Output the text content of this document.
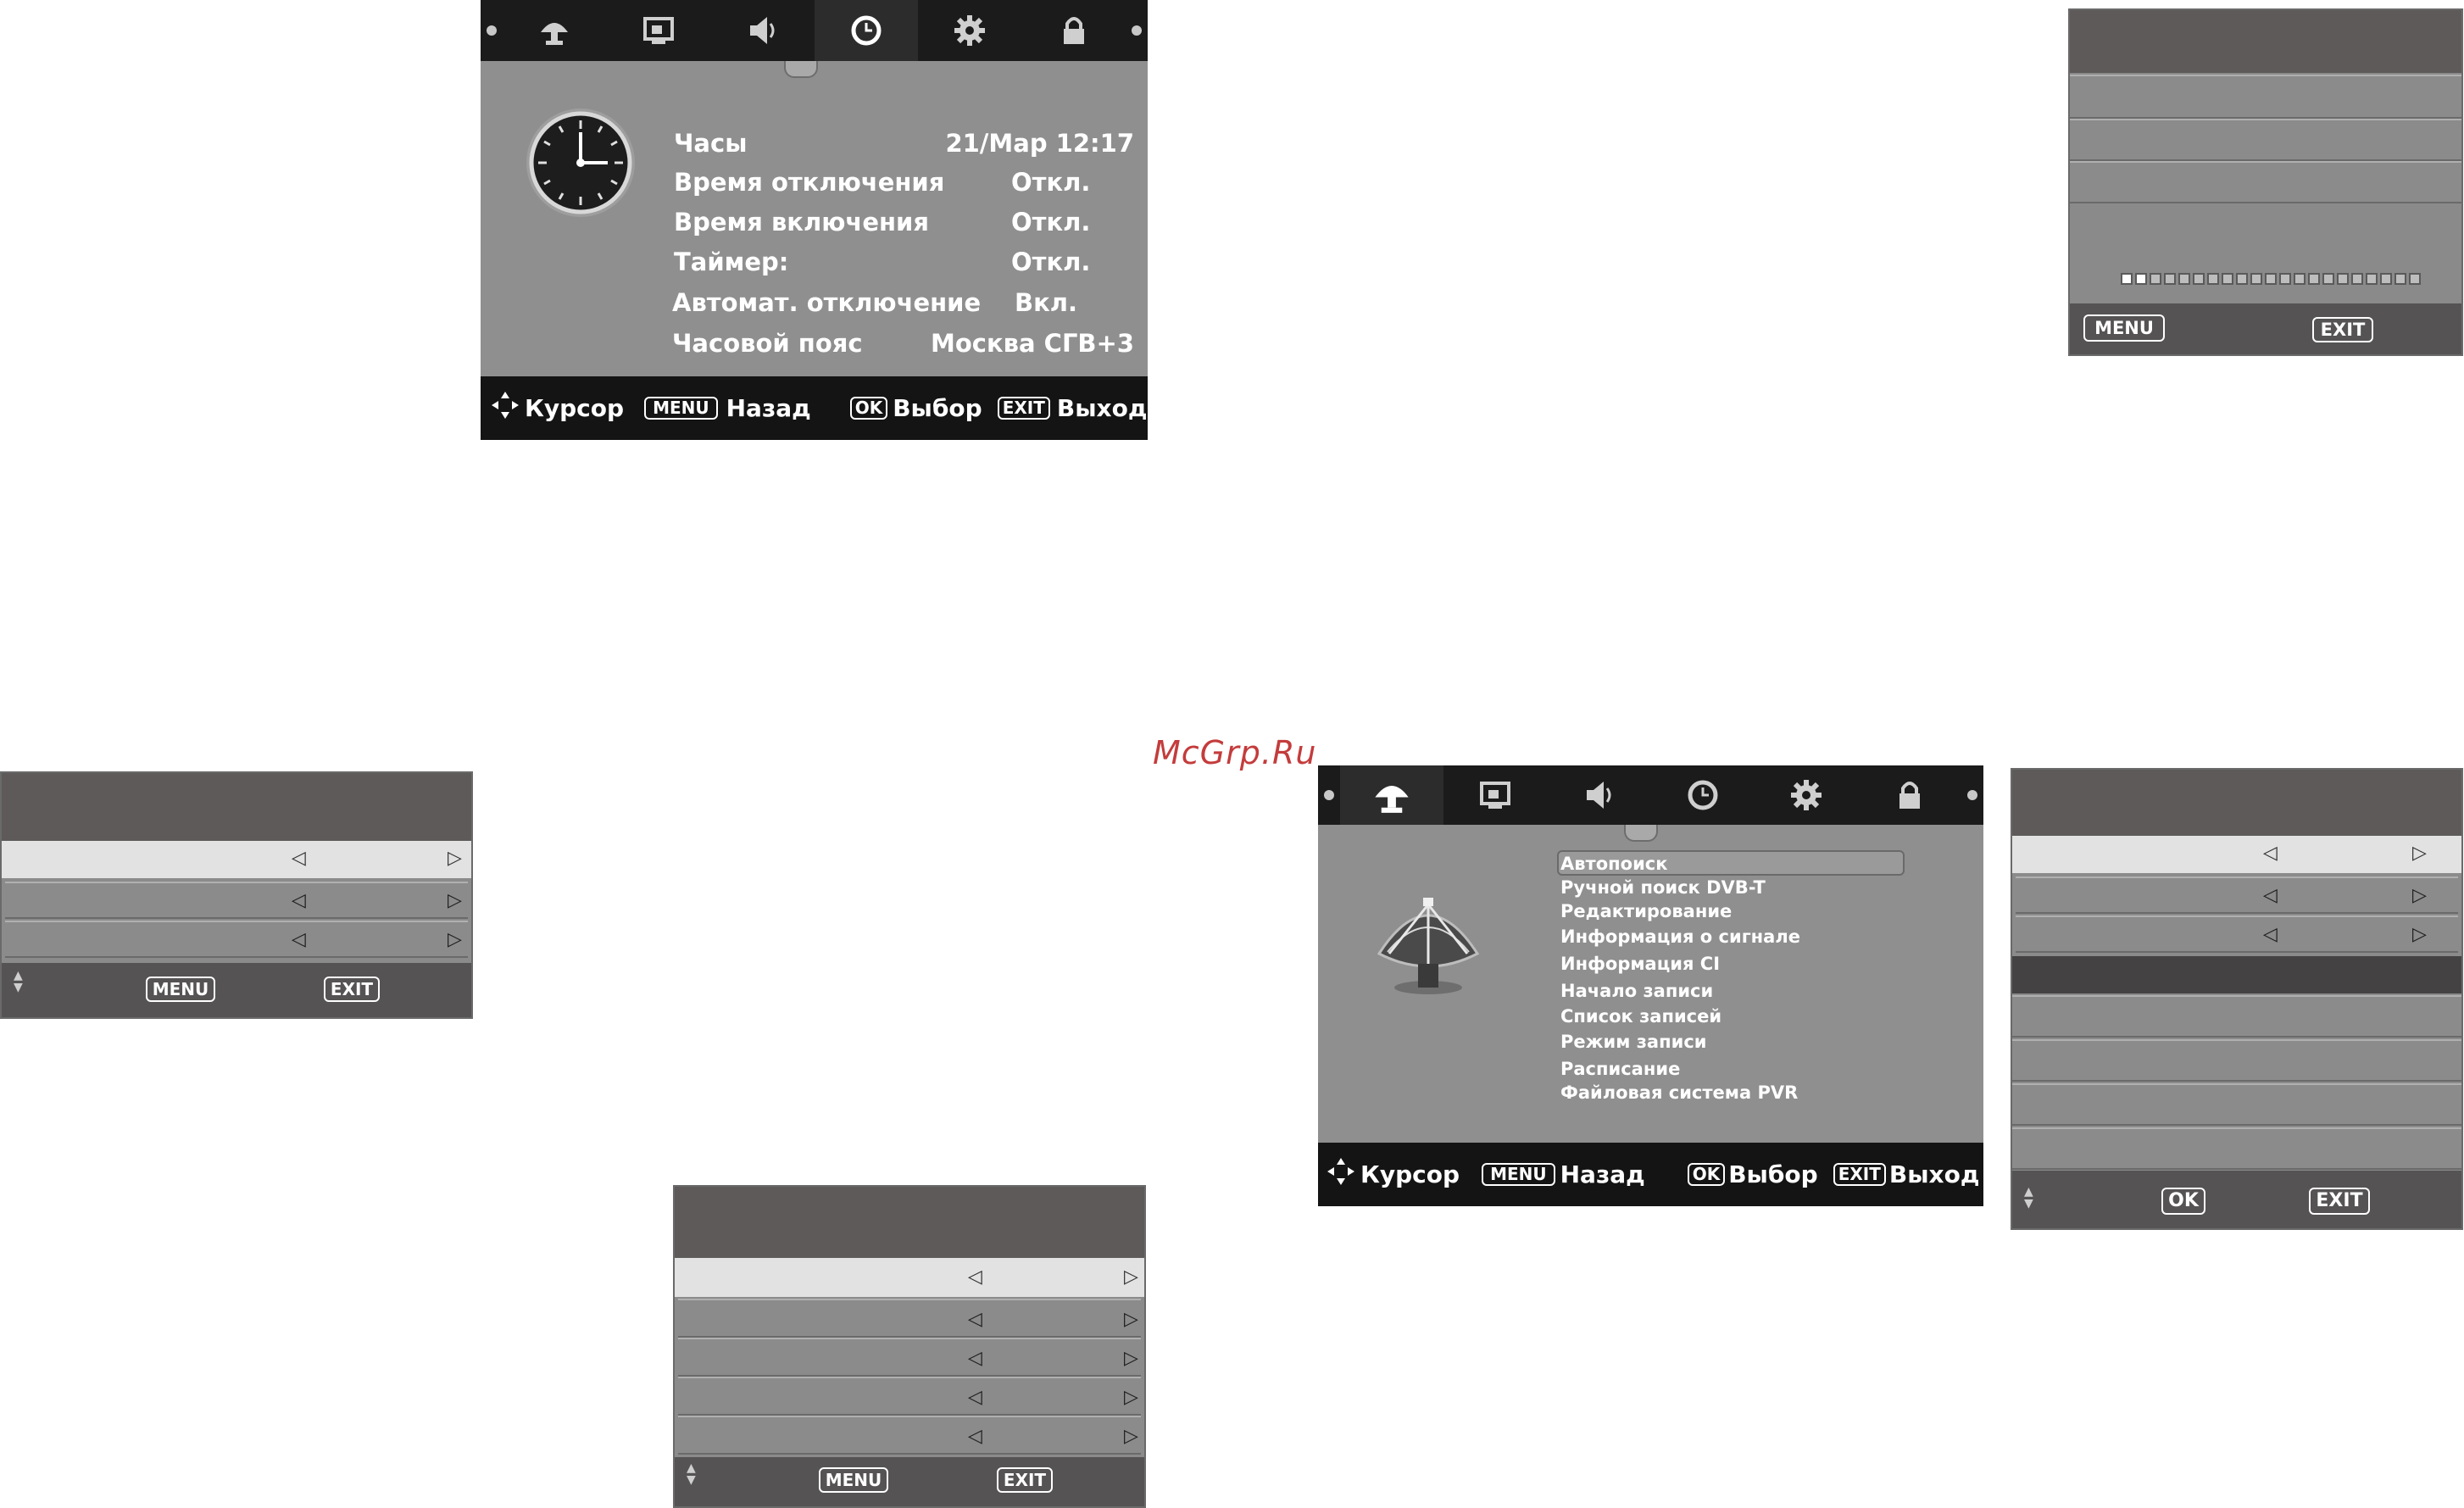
Часы	21/Мар 12:17
Время отключения	Откл.
Время включения	Откл.
Таймер:	Откл.
Автомат. отключение Вкл.
Часовой пояс	Москва СГВ+3
Курсор	MENU Назад	OK Выбор	EXIT Выход
MENU	EXIT
McGrp.Ru
◁	▷
◁	▷
◁	▷
▲
▼	MENU	EXIT
◁	▷
◁	▷
◁	▷
◁	▷
◁	▷
▲
▼	MENU	EXIT
Автопоиск
Ручной поиск DVB-T
Редактирование
Информация о сигнале
Информация CI
Начало записи
Список записей
Режим записи
Расписание
Файловая система PVR
Курсор	MENU Назад	OK Выбор	EXIT Выход
◁	▷
◁	▷
◁	▷
▲
▼	OK	EXIT
